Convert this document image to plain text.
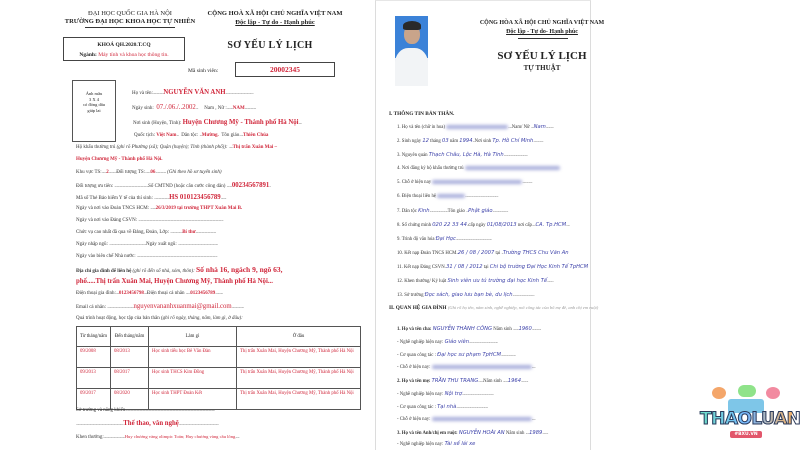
ĐẠI HỌC QUỐC GIA HÀ NỘI
TRƯỜNG ĐẠI HỌC KHOA HỌC TỰ NHIÊN
CỘNG HOÀ XÃ HỘI CHỦ NGHĨA VIỆT NAM
Độc lập - Tự do - Hạnh phúc
KHOÁ QH.2020.T.CQ
Ngành: Máy tính và khoa học thông tin.
SƠ YẾU LÝ LỊCH
Mã sinh viên:	20002345
Ảnh mầu
3 X 4
có đóng dấu
giáp lai
Họ và tên:..............NGUYỄN VĂN ANH.....................................
Ngày sinh: 07./.06./..2002... Nam , Nữ :........NAM...............
Nơi sinh (Huyện, Tỉnh): Huyện Chương Mỹ - Thành phố Hà Nội....
Quốc tịch: Việt Nam... Dân tộc: ...Mường. Tôn giáo.....Thiên Chúa
Hộ khẩu thường trú (ghi rõ Phường (xã); Quận (huyện); Tỉnh (thành phố)): .....Thị trấn Xuân Mai –
Huyện Chương Mỹ - Thành phố Hà Nội.
Khu vực TS:......2..........Đối tượng TS:.......06.............. (Ghi theo hồ sơ tuyển sinh)
Đối tượng ưu tiên: .............................................Số CMTND (hoặc căn cước công dân) .......00234567891..
Mã số Thẻ Bảo hiểm Y tế của thí sinh: ....................HS 010123456789.......
Ngày và nơi vào Đoàn TNCS HCM: .......26/3/2019 tại trường THPT Xuân Mai B.
Ngày và nơi vào Đảng CSVN: .................................................................................................................
Chức vụ cao nhất đã qua về Đảng, Đoàn, Lớp: ................Bí thư...........................
Ngày nhập ngũ: .................................................Ngày xuất ngũ: .....................................................
Ngày vào biên chế Nhà nước: ...........................................................................................................
Địa chỉ gia đình để liên hệ (ghi rõ đến số nhà, xóm, thôn): Số nhà 16, ngách 9, ngõ 63,
phố.....Thị trấn Xuân Mai, Huyện Chương Mỹ, Thành phố Hà Nội...
Điện thoại gia đình:....0123456798....Điện thoại cá nhân ......0123456789..........
Email cá nhân: ...................................nguyenvananhxuanmai@gmail.com................
Quá trình hoạt động, học tập của bản thân (ghi rõ ngày, tháng, năm, làm gì, ở đâu):
Từ tháng/năm	Đến tháng/năm	Làm gì	Ở đâu
09/2008	08/2013	Học sinh tiểu học Bê Văn Đàn	Thị trấn Xuân Mai, Huyện Chương Mỹ, Thành phố Hà Nội
09/2013	08/2017	Học sinh THCS Kim Đồng	Thị trấn Xuân Mai, Huyện Chương Mỹ, Thành phố Hà Nội
09/2017	08/2020	Học sinh THPT Đoàn Kết	Thị trấn Xuân Mai, Huyện Chương Mỹ, Thành phố Hà Nội
Sở trường và năng khiếu.......................................................................................................................
...............................................................Thể thao, văn nghệ.....................................................
Khen thưởng:............................Huy chương vàng olimpic Toán; Huy chương vàng cầu lông.....
CỘNG HÒA XÃ HỘI CHỦ NGHĨA VIỆT NAM
Độc lập - Tự do- Hạnh phúc
SƠ YẾU LÝ LỊCH
TỰ THUẬT
I. THÔNG TIN BẢN THÂN.
1. Họ và tên (chữ in hoa)	.....Nam/ Nữ ....Nam...........
2. Sinh ngày 12 tháng 03 năm 1994...Nơi sinh Tp. Hồ Chí Minh..............
3. Nguyên quán Thạch Châu, Lộc Hà, Hà Tĩnh..................................
4. Nơi đăng ký hộ khẩu thường trú
5. Chỗ ở hiện nay	..............
6. Điện thoại liên hệ	...............................................
7. Dân tộc Kinh..........................Tôn giáo ...Phật giáo......................
8. Số chứng minh 020 22 33 44..cấp ngày 01/08/2013 nơi cấp.....CA. Tp.HCM.....
9. Trình độ văn hóa Đại Học...................................................
10. Kết nạp Đoàn TNCS HCM..26 / 08 / 2007 tại ..Trường THCS Chu Văn An
11. Kết nạp Đảng CSVN..31 / 08 / 2012 tại Chi bộ trường Đại Học Kinh Tế TpHCM
12. Khen thưởng/ Kỷ luật Sinh viên ưu tú trường đại học Kinh Tế.........
13. Sở trường Đọc sách, giao lưu bạn bè, du lịch...............................
II. QUAN HỆ GIA ĐÌNH (Ghi rõ họ tên, năm sinh, nghề nghiệp, nơi công tác của bố mẹ đẻ, anh chị em ruột)
1. Họ và tên cha: NGUYỄN THÀNH CÔNG Năm sinh ........1960.............
- Nghề nghiệp hiện nay: Giáo viên.........................................
- Cơ quan công tác : Đại học sư phạm TpHCM.....................
- Chỗ ở hiện nay:	.....
2. Họ và tên mẹ: TRẦN THU TRANG.......Năm sinh .......1964..........
- Nghề nghiệp hiện nay: Nội trợ.............................................
- Cơ quan công tác : Tại nhà.............................................
- Chỗ ở hiện nay:	.....
3. Họ và tên Anh/chị em ruột: NGUYỄN HOÀI AN Năm sinh .....1989........
- Nghề nghiệp hiện nay: Tài xế lái xe
THAOLUAN
#BXU.VN
